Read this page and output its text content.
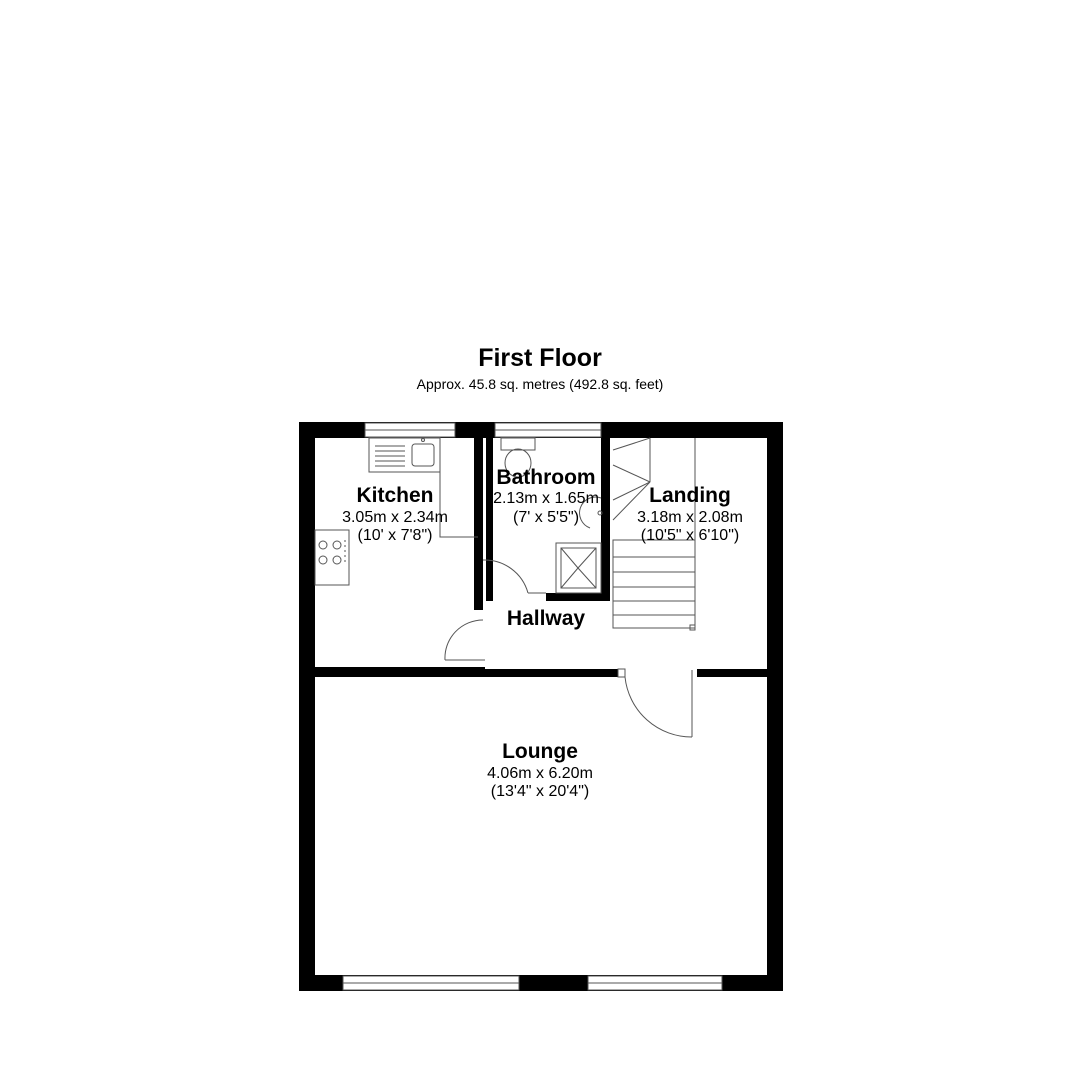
First Floor
Approx. 45.8 sq. metres (492.8 sq. feet)
Kitchen
3.05m x 2.34m
(10' x 7'8")
Bathroom
2.13m x 1.65m
(7' x 5'5")
Landing
3.18m x 2.08m
(10'5" x 6'10")
Hallway
Lounge
4.06m x 6.20m
(13'4" x 20'4")
